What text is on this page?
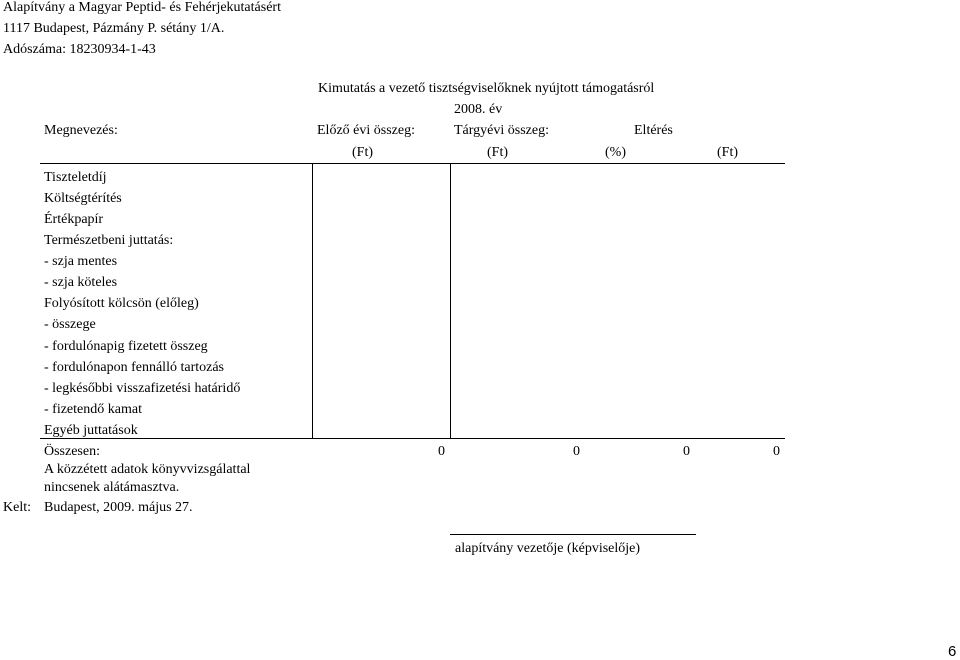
Alapítvány a Magyar Peptid- és Fehérjekutatásért
1117 Budapest, Pázmány P. sétány 1/A.
Adószáma: 18230934-1-43
Kimutatás a vezető tisztségviselőknek nyújtott támogatásról
2008. év
Megnevezés:	Előző évi összeg:	Tárgyévi összeg:	Eltérés
(Ft)	(Ft)	(%)	(Ft)
Tiszteletdíj
Költségtérítés
Értékpapír
Természetbeni juttatás:
- szja mentes
- szja köteles
Folyósított kölcsön (előleg)
- összege
- fordulónapig fizetett összeg
- fordulónapon fennálló tartozás
- legkésőbbi visszafizetési határidő
- fizetendő kamat
Egyéb juttatások
Összesen:	0	0	0	0
A közzétett adatok könyvvizsgálattal
nincsenek alátámasztva.
Kelt: Budapest, 2009. május 27.
alapítvány vezetője (képviselője)
6
